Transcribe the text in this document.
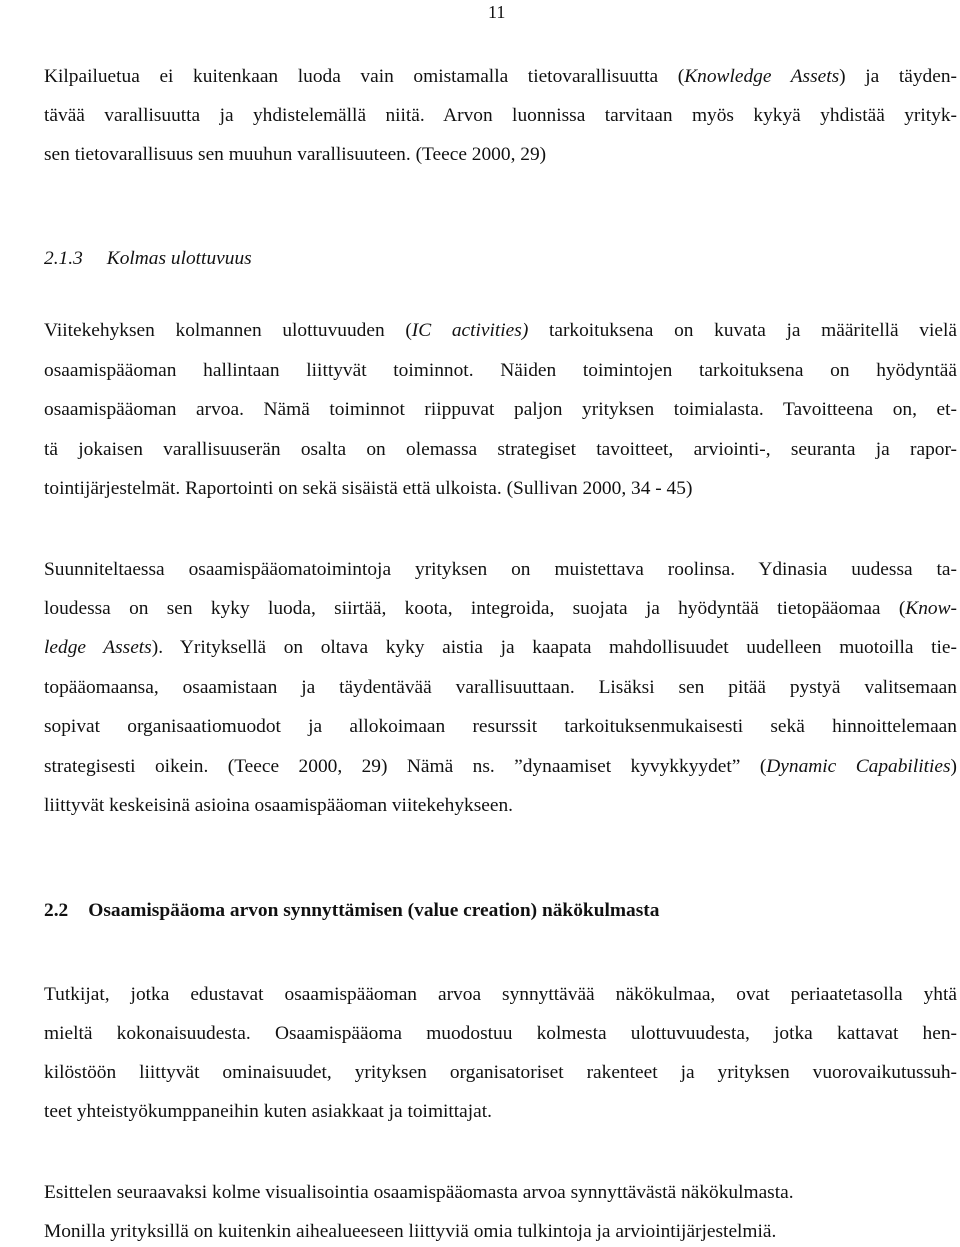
11
Kilpailuetua ei kuitenkaan luoda vain omistamalla tietovarallisuutta (Knowledge Assets) ja täyden-
tävää varallisuutta ja yhdistelemällä niitä. Arvon luonnissa tarvitaan myös kykyä yhdistää yrityk-
sen tietovarallisuus sen muuhun varallisuuteen. (Teece 2000, 29)
2.1.3 Kolmas ulottuvuus
Viitekehyksen kolmannen ulottuvuuden (IC activities) tarkoituksena on kuvata ja määritellä vielä
osaamispääoman hallintaan liittyvät toiminnot. Näiden toimintojen tarkoituksena on hyödyntää
osaamispääoman arvoa. Nämä toiminnot riippuvat paljon yrityksen toimialasta. Tavoitteena on, et-
tä jokaisen varallisuuserän osalta on olemassa strategiset tavoitteet, arviointi-, seuranta ja rapor-
tointijärjestelmät. Raportointi on sekä sisäistä että ulkoista. (Sullivan 2000, 34 - 45)
Suunniteltaessa osaamispääomatoimintoja yrityksen on muistettava roolinsa. Ydinasia uudessa ta-
loudessa on sen kyky luoda, siirtää, koota, integroida, suojata ja hyödyntää tietopääomaa (Know-
ledge Assets). Yrityksellä on oltava kyky aistia ja kaapata mahdollisuudet uudelleen muotoilla tie-
topääomaansa, osaamistaan ja täydentävää varallisuuttaan. Lisäksi sen pitää pystyä valitsemaan
sopivat organisaatiomuodot ja allokoimaan resurssit tarkoituksenmukaisesti sekä hinnoittelemaan
strategisesti oikein. (Teece 2000, 29) Nämä ns. ”dynaamiset kyvykkyydet” (Dynamic Capabilities)
liittyvät keskeisinä asioina osaamispääoman viitekehykseen.
2.2 Osaamispääoma arvon synnyttämisen (value creation) näkökulmasta
Tutkijat, jotka edustavat osaamispääoman arvoa synnyttävää näkökulmaa, ovat periaatetasolla yhtä
mieltä kokonaisuudesta. Osaamispääoma muodostuu kolmesta ulottuvuudesta, jotka kattavat hen-
kilöstöön liittyvät ominaisuudet, yrityksen organisatoriset rakenteet ja yrityksen vuorovaikutussuh-
teet yhteistyökumppaneihin kuten asiakkaat ja toimittajat.
Esittelen seuraavaksi kolme visualisointia osaamispääomasta arvoa synnyttävästä näkökulmasta.
Monilla yrityksillä on kuitenkin aihealueeseen liittyviä omia tulkintoja ja arviointijärjestelmiä.
